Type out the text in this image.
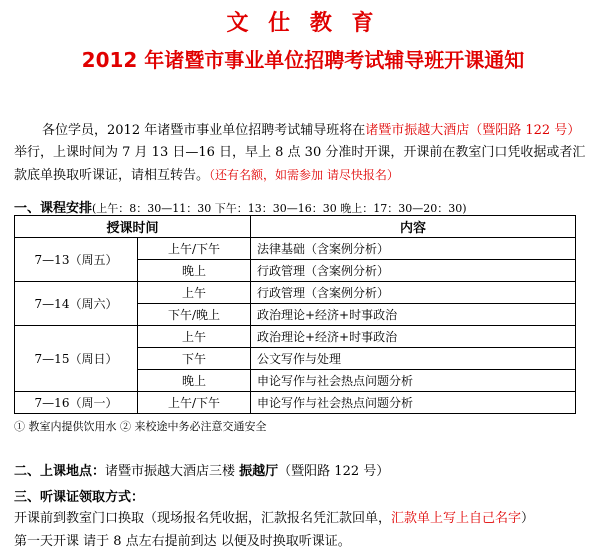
文 仕 教 育
2012 年诸暨市事业单位招聘考试辅导班开课通知
各位学员，2012 年诸暨市事业单位招聘考试辅导班将在诸暨市振越大酒店（暨阳路 122 号）举行，上课时间为 7 月 13 日—16 日，早上 8 点 30 分准时开课，开课前在教室门口凭收据或者汇款底单换取听课证，请相互转告。（还有名额，如需参加 请尽快报名）
一、课程安排(上午：8：30—11：30 下午：13：30—16：30 晚上：17：30—20：30)
授课时间		内容
7—13（周五）	上午/下午	法律基础（含案例分析）
	晚上	行政管理（含案例分析）
7—14（周六）	上午	行政管理（含案例分析）
	下午/晚上	政治理论+经济+时事政治
7—15（周日）	上午	政治理论+经济+时事政治
	下午	公文写作与处理
	晚上	申论写作与社会热点问题分析
7—16（周一）	上午/下午	申论写作与社会热点问题分析
① 教室内提供饮用水 ② 来校途中务必注意交通安全
二、上课地点：诸暨市振越大酒店三楼 振越厅（暨阳路 122 号）
三、听课证领取方式：
开课前到教室门口换取（现场报名凭收据，汇款报名凭汇款回单，汇款单上写上自己名字）
第一天开课 请于 8 点左右提前到达 以便及时换取听课证。
